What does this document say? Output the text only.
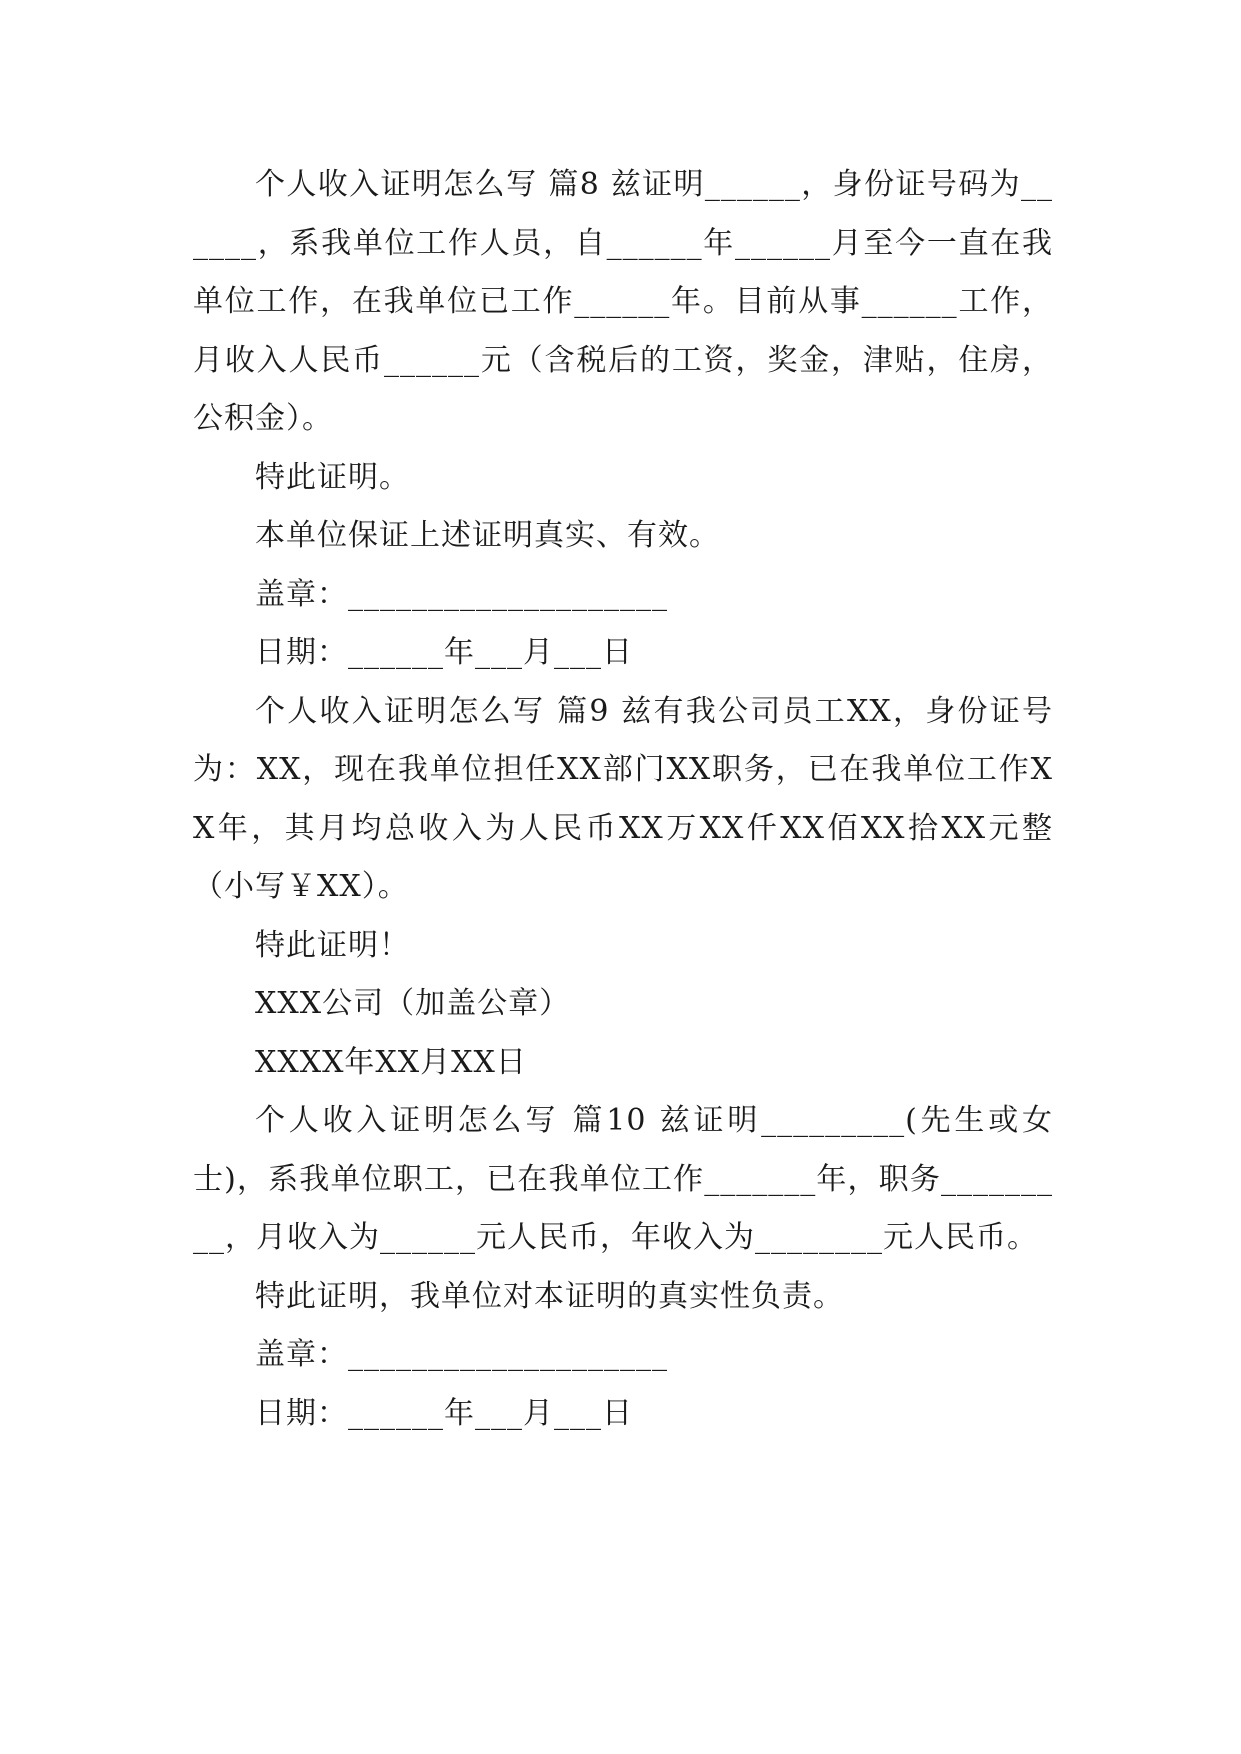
个人收入证明怎么写 篇8 兹证明______，身份证号码为______，系我单位工作人员，自______年______月至今一直在我单位工作，在我单位已工作______年。目前从事______工作，月收入人民币______元（含税后的工资，奖金，津贴，住房，公积金）。

特此证明。

本单位保证上述证明真实、有效。

盖章：____________________

日期：______年___月___日

个人收入证明怎么写 篇9 兹有我公司员工XX，身份证号为：XX，现在我单位担任XX部门XX职务，已在我单位工作XX年，其月均总收入为人民币XX万XX仟XX佰XX拾XX元整（小写￥XX）。

特此证明！

XXX公司（加盖公章）

XXXX年XX月XX日

个人收入证明怎么写 篇10 兹证明_________(先生或女士)，系我单位职工，已在我单位工作_______年，职务_________，月收入为______元人民币，年收入为________元人民币。

特此证明，我单位对本证明的真实性负责。

盖章：____________________

日期：______年___月___日
